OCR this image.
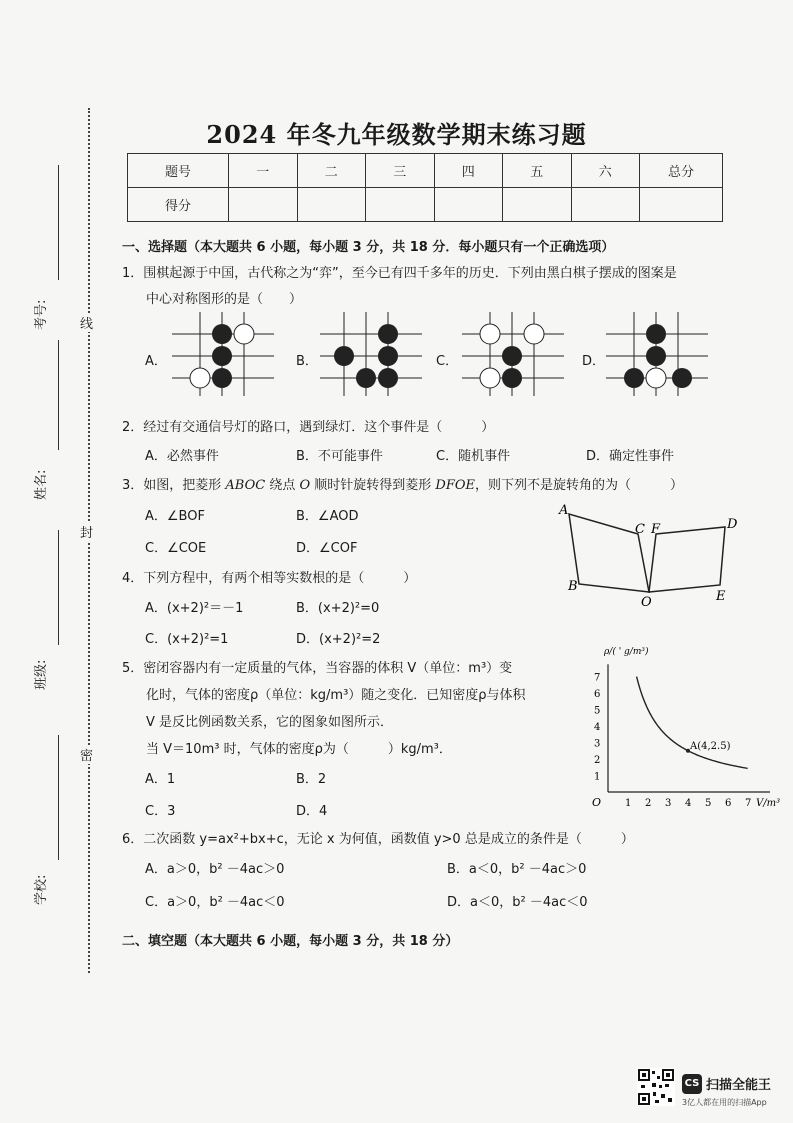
考号:
姓名:
班级:
学校:
线
封
密
2024 年冬九年级数学期末练习题
题号	一	二	三	四	五	六	总分
得分							
一、选择题（本大题共 6 小题，每小题 3 分，共 18 分．每小题只有一个正确选项）
1．围棋起源于中国，古代称之为“弈”，至今已有四千多年的历史．下列由黑白棋子摆成的图案是
中心对称图形的是（　　）
A．	B．	C．	D．
2．经过有交通信号灯的路口，遇到绿灯．这个事件是（　　　）
A．必然事件	B．不可能事件	C．随机事件	D．确定性事件
3．如图，把菱形 ABOC 绕点 O 顺时针旋转得到菱形 DFOE，则下列不是旋转角的为（　　　）
A．∠BOF	B．∠AOD
C．∠COE	D．∠COF
A
C F	D
B
O	E
4．下列方程中，有两个相等实数根的是（　　　）
A．(x+2)²＝－1	B．(x+2)²=0
C．(x+2)²=1	D．(x+2)²=2
5．密闭容器内有一定质量的气体，当容器的体积 V（单位：m³）变
化时，气体的密度ρ（单位：kg/m³）随之变化．已知密度ρ与体积
V 是反比例函数关系，它的图象如图所示．
当 V＝10m³ 时，气体的密度ρ为（　　　）kg/m³．
A．1	B．2
C．3	D．4
1 2 3 4 5 6 7
1
2
3
4
5
6
7
ρ/( ' g/m³)
V/m³
O
A(4,2.5)
6．二次函数 y=ax²+bx+c，无论 x 为何值，函数值 y>0 总是成立的条件是（　　　）
A．a＞0，b² －4ac＞0	B．a＜0，b² －4ac＞0
C．a＞0，b² －4ac＜0	D．a＜0，b² －4ac＜0
二、填空题（本大题共 6 小题，每小题 3 分，共 18 分）
CS 扫描全能王
3亿人都在用的扫描App
